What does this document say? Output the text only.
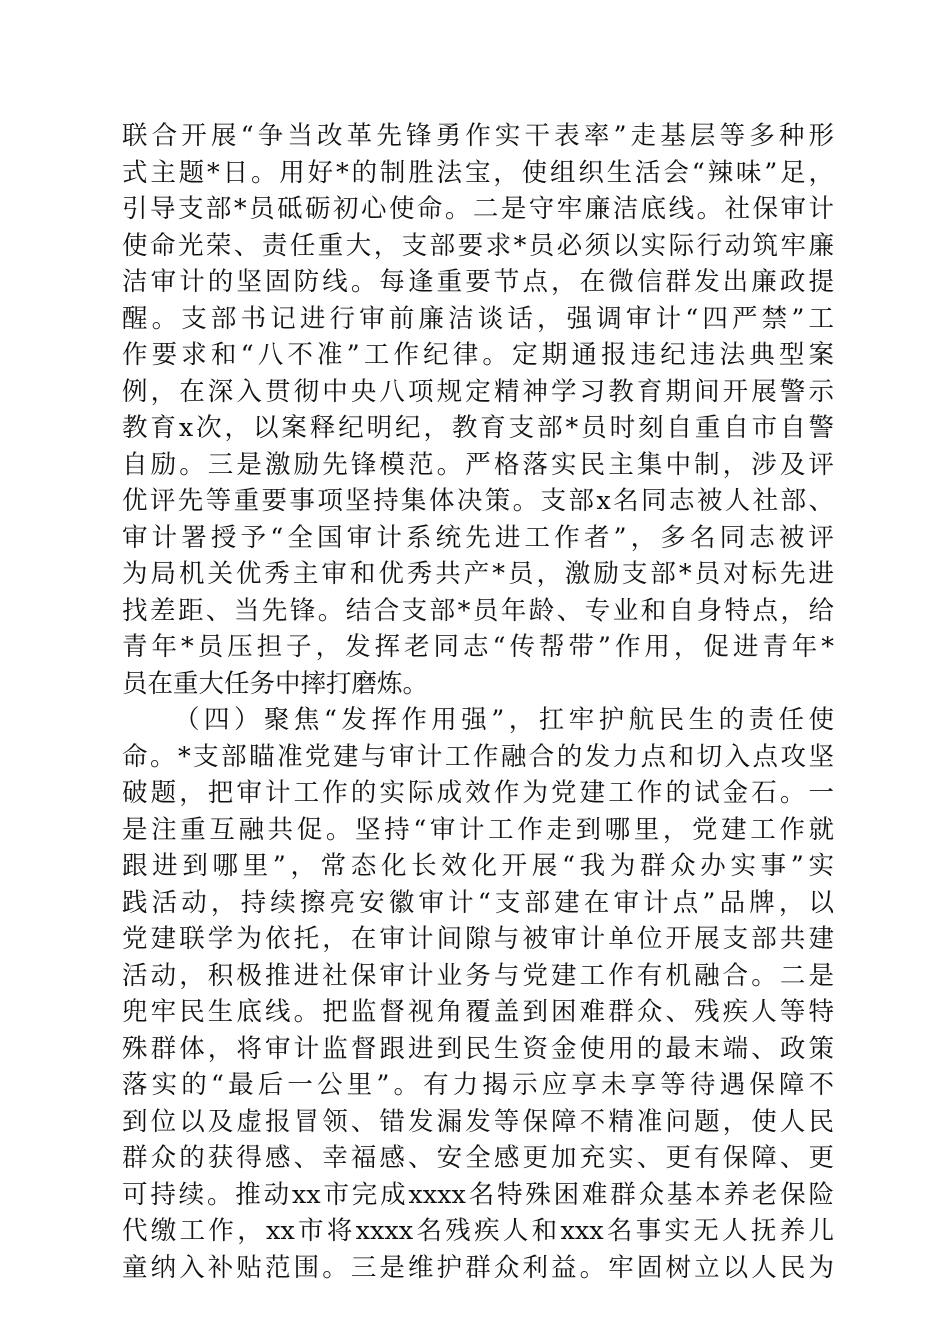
联合开展“争当改革先锋勇作实干表率”走基层等多种形
式主题*日。用好*的制胜法宝，使组织生活会“辣味”足，
引导支部*员砥砺初心使命。二是守牢廉洁底线。社保审计
使命光荣、责任重大，支部要求*员必须以实际行动筑牢廉
洁审计的坚固防线。每逢重要节点，在微信群发出廉政提
醒。支部书记进行审前廉洁谈话，强调审计“四严禁”工
作要求和“八不准”工作纪律。定期通报违纪违法典型案
例，在深入贯彻中央八项规定精神学习教育期间开展警示
教育x次，以案释纪明纪，教育支部*员时刻自重自市自警
自励。三是激励先锋模范。严格落实民主集中制，涉及评
优评先等重要事项坚持集体决策。支部x名同志被人社部、
审计署授予“全国审计系统先进工作者”，多名同志被评
为局机关优秀主审和优秀共产*员，激励支部*员对标先进
找差距、当先锋。结合支部*员年龄、专业和自身特点，给
青年*员压担子，发挥老同志“传帮带”作用，促进青年*
员在重大任务中摔打磨炼。
（四）聚焦“发挥作用强”，扛牢护航民生的责任使
命。*支部瞄准党建与审计工作融合的发力点和切入点攻坚
破题，把审计工作的实际成效作为党建工作的试金石。一
是注重互融共促。坚持“审计工作走到哪里，党建工作就
跟进到哪里”，常态化长效化开展“我为群众办实事”实
践活动，持续擦亮安徽审计“支部建在审计点”品牌，以
党建联学为依托，在审计间隙与被审计单位开展支部共建
活动，积极推进社保审计业务与党建工作有机融合。二是
兜牢民生底线。把监督视角覆盖到困难群众、残疾人等特
殊群体，将审计监督跟进到民生资金使用的最末端、政策
落实的“最后一公里”。有力揭示应享未享等待遇保障不
到位以及虚报冒领、错发漏发等保障不精准问题，使人民
群众的获得感、幸福感、安全感更加充实、更有保障、更
可持续。推动xx市完成xxxx名特殊困难群众基本养老保险
代缴工作，xx市将xxxx名残疾人和xxx名事实无人抚养儿
童纳入补贴范围。三是维护群众利益。牢固树立以人民为
